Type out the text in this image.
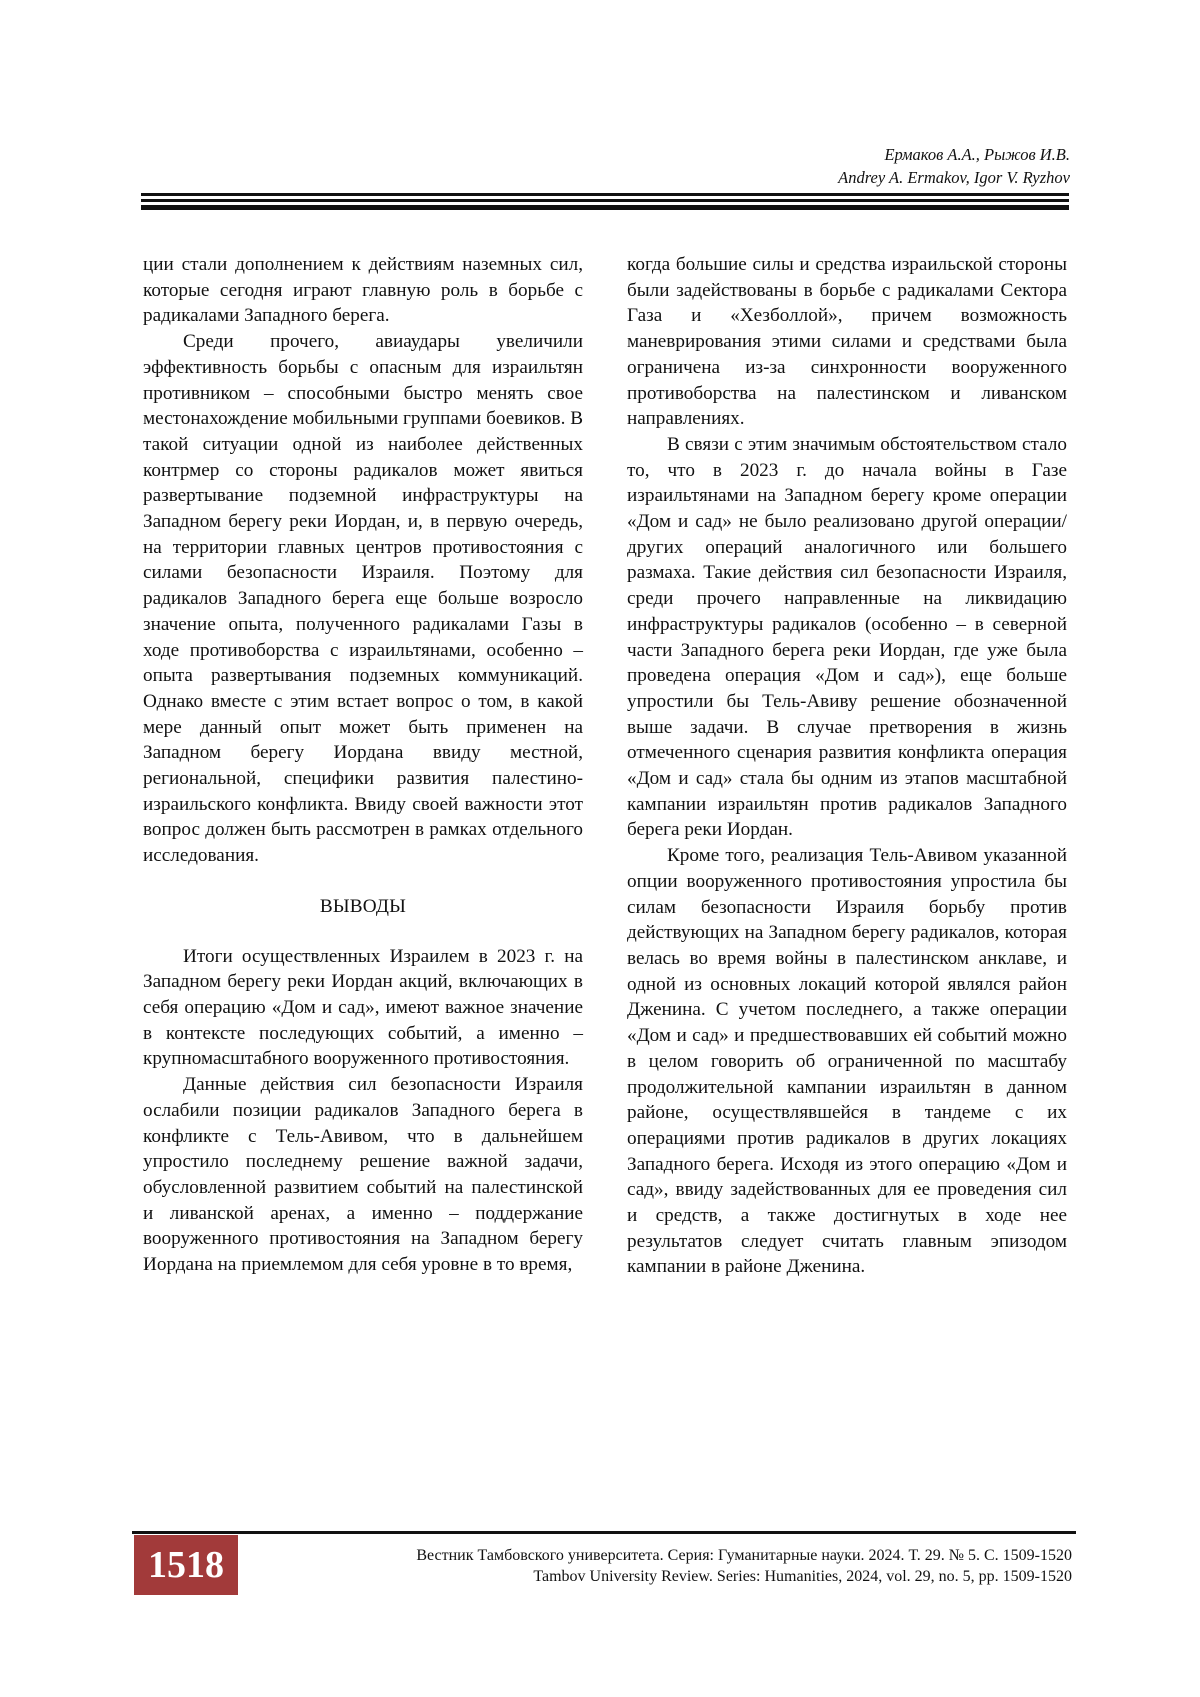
Ермаков А.А., Рыжов И.В.
Andrey A. Ermakov, Igor V. Ryzhov

ции стали дополнением к действиям наземных сил, которые сегодня играют главную роль в борьбе с радикалами Западного берега.

Среди прочего, авиаудары увеличили эффективность борьбы с опасным для израильтян противником – способными быстро менять свое местонахождение мобильными группами боевиков. В такой ситуации одной из наиболее действенных контрмер со стороны радикалов может явиться развертывание подземной инфраструктуры на Западном берегу реки Иордан, и, в первую очередь, на территории главных центров противостояния с силами безопасности Израиля. Поэтому для радикалов Западного берега еще больше возросло значение опыта, полученного радикалами Газы в ходе противоборства с израильтянами, особенно – опыта развертывания подземных коммуникаций. Однако вместе с этим встает вопрос о том, в какой мере данный опыт может быть применен на Западном берегу Иордана ввиду местной, региональной, специфики развития палестино-израильского конфликта. Ввиду своей важности этот вопрос должен быть рассмотрен в рамках отдельного исследования.

ВЫВОДЫ

Итоги осуществленных Израилем в 2023 г. на Западном берегу реки Иордан акций, включающих в себя операцию «Дом и сад», имеют важное значение в контексте последующих событий, а именно – крупномасштабного вооруженного противостояния.

Данные действия сил безопасности Израиля ослабили позиции радикалов Западного берега в конфликте с Тель-Авивом, что в дальнейшем упростило последнему решение важной задачи, обусловленной развитием событий на палестинской и ливанской аренах, а именно – поддержание вооруженного противостояния на Западном берегу Иордана на приемлемом для себя уровне в то время,

когда большие силы и средства израильской стороны были задействованы в борьбе с радикалами Сектора Газа и «Хезболлой», причем возможность маневрирования этими силами и средствами была ограничена из-за синхронности вооруженного противоборства на палестинском и ливанском направлениях.

В связи с этим значимым обстоятельством стало то, что в 2023 г. до начала войны в Газе израильтянами на Западном берегу кроме операции «Дом и сад» не было реализовано другой операции/других операций аналогичного или большего размаха. Такие действия сил безопасности Израиля, среди прочего направленные на ликвидацию инфраструктуры радикалов (особенно – в северной части Западного берега реки Иордан, где уже была проведена операция «Дом и сад»), еще больше упростили бы Тель-Авиву решение обозначенной выше задачи. В случае претворения в жизнь отмеченного сценария развития конфликта операция «Дом и сад» стала бы одним из этапов масштабной кампании израильтян против радикалов Западного берега реки Иордан.

Кроме того, реализация Тель-Авивом указанной опции вооруженного противостояния упростила бы силам безопасности Израиля борьбу против действующих на Западном берегу радикалов, которая велась во время войны в палестинском анклаве, и одной из основных локаций которой являлся район Дженина. С учетом последнего, а также операции «Дом и сад» и предшествовавших ей событий можно в целом говорить об ограниченной по масштабу продолжительной кампании израильтян в данном районе, осуществлявшейся в тандеме с их операциями против радикалов в других локациях Западного берега. Исходя из этого операцию «Дом и сад», ввиду задействованных для ее проведения сил и средств, а также достигнутых в ходе нее результатов следует считать главным эпизодом кампании в районе Дженина.

1518	Вестник Тамбовского университета. Серия: Гуманитарные науки. 2024. Т. 29. № 5. С. 1509-1520
Tambov University Review. Series: Humanities, 2024, vol. 29, no. 5, pp. 1509-1520
